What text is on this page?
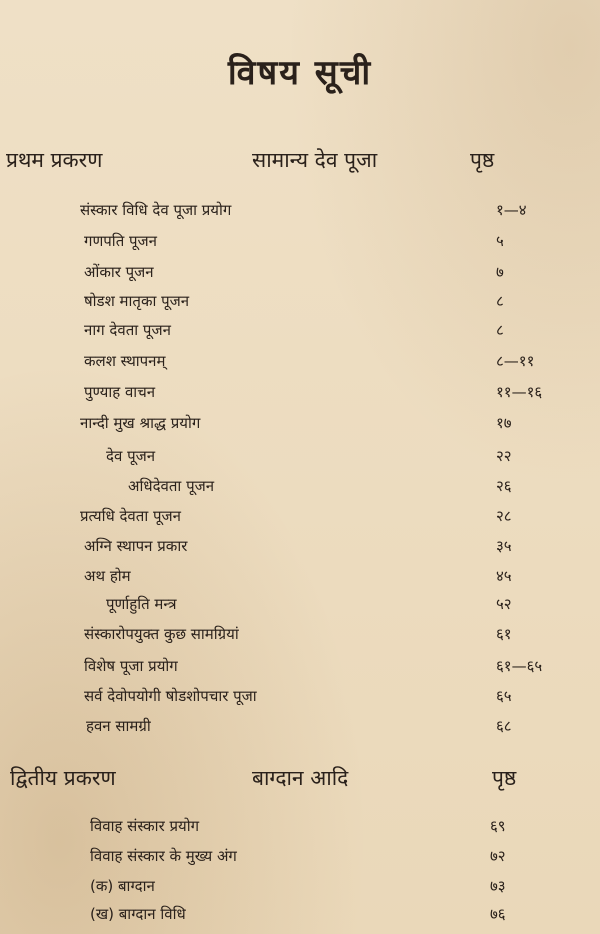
विषय सूची
प्रथम प्रकरण	सामान्य देव पूजा	पृष्ठ
संस्कार विधि देव पूजा प्रयोग	१—४
गणपति पूजन	५
ओंकार पूजन	७
षोडश मातृका पूजन	८
नाग देवता पूजन	८
कलश स्थापनम्	८—११
पुण्याह वाचन	११—१६
नान्दी मुख श्राद्ध प्रयोग	१७
देव पूजन	२२
अधिदेवता पूजन	२६
प्रत्यधि देवता पूजन	२८
अग्नि स्थापन प्रकार	३५
अथ होम	४५
पूर्णाहुति मन्त्र	५२
संस्कारोपयुक्त कुछ सामग्रियां	६१
विशेष पूजा प्रयोग	६१—६५
सर्व देवोपयोगी षोडशोपचार पूजा	६५
हवन सामग्री	६८
द्वितीय प्रकरण	बाग्दान आदि	पृष्ठ
विवाह संस्कार प्रयोग	६९
विवाह संस्कार के मुख्य अंग	७२
(क) बाग्दान	७३
(ख) बाग्दान विधि	७६
